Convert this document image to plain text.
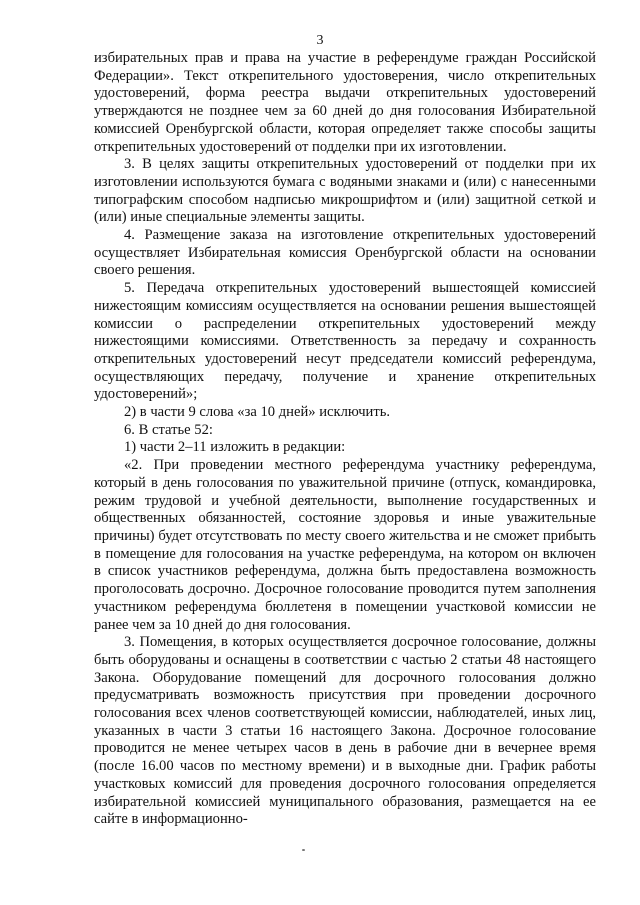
3

избирательных прав и права на участие в референдуме граждан Российской Федерации». Текст открепительного удостоверения, число открепительных удостоверений, форма реестра выдачи открепительных удостоверений утверждаются не позднее чем за 60 дней до дня голосования Избирательной комиссией Оренбургской области, которая определяет также способы защиты открепительных удостоверений от подделки при их изготовлении.

3. В целях защиты открепительных удостоверений от подделки при их изготовлении используются бумага с водяными знаками и (или) с нанесенными типографским способом надписью микрошрифтом и (или) защитной сеткой и (или) иные специальные элементы защиты.

4. Размещение заказа на изготовление открепительных удостоверений осуществляет Избирательная комиссия Оренбургской области на основании своего решения.

5. Передача открепительных удостоверений вышестоящей комиссией нижестоящим комиссиям осуществляется на основании решения вышестоящей комиссии о распределении открепительных удостоверений между нижестоящими комиссиями. Ответственность за передачу и сохранность открепительных удостоверений несут председатели комиссий референдума, осуществляющих передачу, получение и хранение открепительных удостоверений»;

2) в части 9 слова «за 10 дней» исключить.

6. В статье 52:

1) части 2–11 изложить в редакции:

«2. При проведении местного референдума участнику референдума, который в день голосования по уважительной причине (отпуск, командировка, режим трудовой и учебной деятельности, выполнение государственных и общественных обязанностей, состояние здоровья и иные уважительные причины) будет отсутствовать по месту своего жительства и не сможет прибыть в помещение для голосования на участке референдума, на котором он включен в список участников референдума, должна быть предоставлена возможность проголосовать досрочно. Досрочное голосование проводится путем заполнения участником референдума бюллетеня в помещении участковой комиссии не ранее чем за 10 дней до дня голосования.

3. Помещения, в которых осуществляется досрочное голосование, должны быть оборудованы и оснащены в соответствии с частью 2 статьи 48 настоящего Закона. Оборудование помещений для досрочного голосования должно предусматривать возможность присутствия при проведении досрочного голосования всех членов соответствующей комиссии, наблюдателей, иных лиц, указанных в части 3 статьи 16 настоящего Закона. Досрочное голосование проводится не менее четырех часов в день в рабочие дни в вечернее время (после 16.00 часов по местному времени) и в выходные дни. График работы участковых комиссий для проведения досрочного голосования определяется избирательной комиссией муниципального образования, размещается на ее сайте в информационно-
